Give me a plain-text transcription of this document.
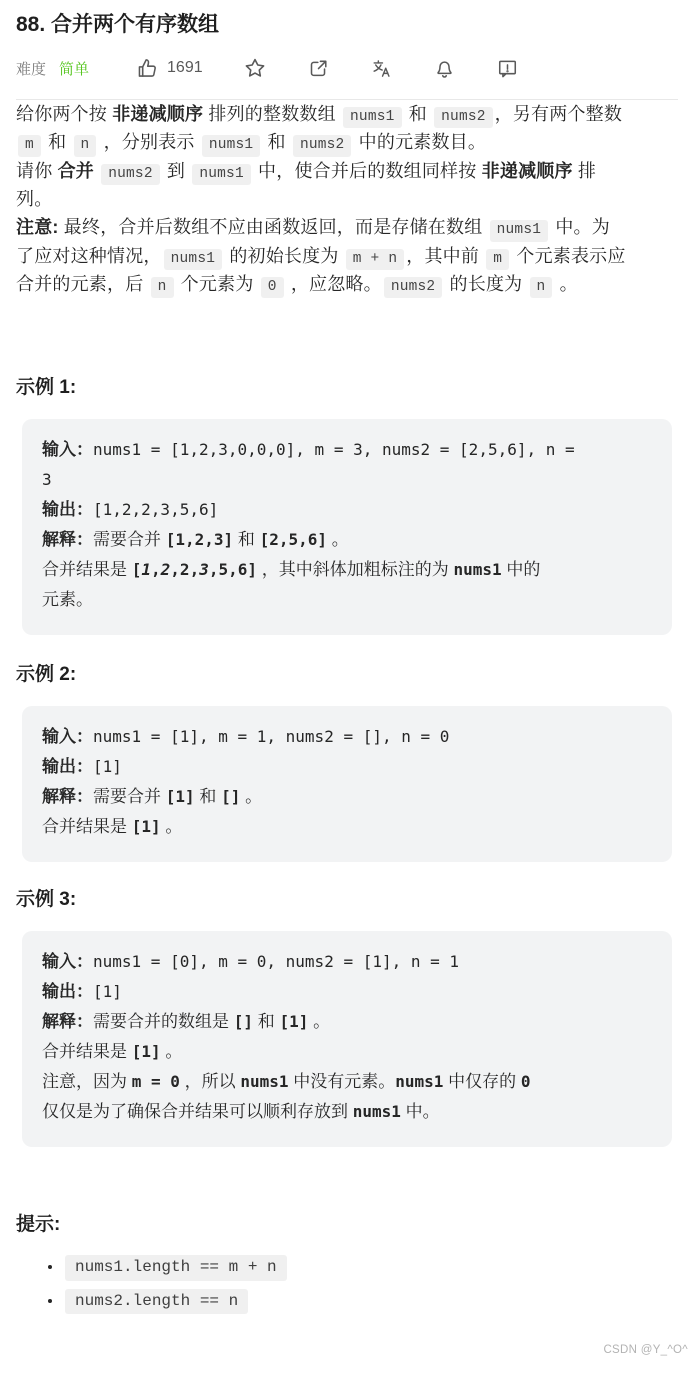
88. 合并两个有序数组
难度 简单	1691

给你两个按 非递减顺序 排列的整数数组 nums1 和 nums2 ，另有两个整数
m 和 n ，分别表示 nums1 和 nums2 中的元素数目。

请你 合并 nums2 到 nums1 中，使合并后的数组同样按 非递减顺序 排
列。

注意: 最终，合并后数组不应由函数返回，而是存储在数组 nums1 中。为
了应对这种情况， nums1 的初始长度为 m + n ，其中前 m 个元素表示应
合并的元素，后 n 个元素为 0 ，应忽略。 nums2 的长度为 n 。

示例 1:
输入：nums1 = [1,2,3,0,0,0], m = 3, nums2 = [2,5,6], n =
3
输出：[1,2,2,3,5,6]
解释：需要合并 [1,2,3] 和 [2,5,6] 。
合并结果是 [1,2,2,3,5,6] ，其中斜体加粗标注的为 nums1 中的
元素。
示例 2:
输入：nums1 = [1], m = 1, nums2 = [], n = 0
输出：[1]
解释：需要合并 [1] 和 [] 。
合并结果是 [1] 。
示例 3:
输入：nums1 = [0], m = 0, nums2 = [1], n = 1
输出：[1]
解释：需要合并的数组是 [] 和 [1] 。
合并结果是 [1] 。
注意，因为 m = 0 ，所以 nums1 中没有元素。nums1 中仅存的 0
仅仅是为了确保合并结果可以顺利存放到 nums1 中。
提示:
• nums1.length == m + n
• nums2.length == n
CSDN @Y_^O^
